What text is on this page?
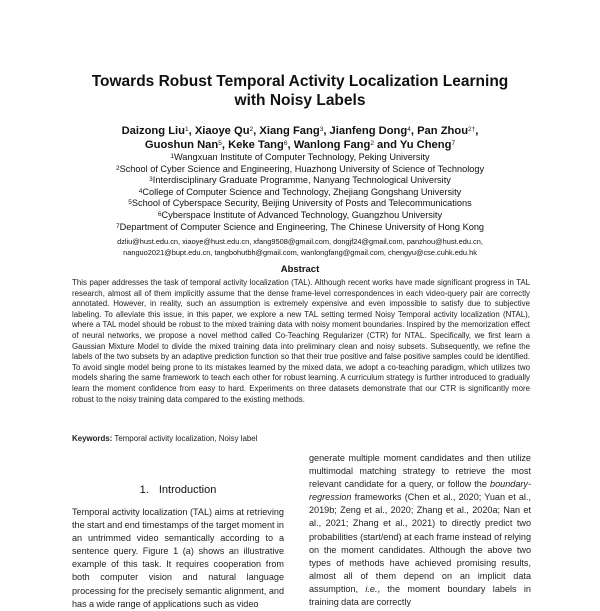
Towards Robust Temporal Activity Localization Learning
with Noisy Labels
Daizong Liu$^1$, Xiaoye Qu$^2$, Xiang Fang$^3$, Jianfeng Dong$^4$, Pan Zhou$^{2\dagger}$,
Guoshun Nan$^5$, Keke Tang$^6$, Wanlong Fang$^2$ and Yu Cheng$^7$
$^1$Wangxuan Institute of Computer Technology, Peking University
$^2$School of Cyber Science and Engineering, Huazhong University of Science of Technology
$^3$Interdisciplinary Graduate Programme, Nanyang Technological University
$^4$College of Computer Science and Technology, Zhejiang Gongshang University
$^5$School of Cyberspace Security, Beijing University of Posts and Telecommunications
$^6$Cyberspace Institute of Advanced Technology, Guangzhou University
$^7$Department of Computer Science and Engineering, The Chinese University of Hong Kong
dzliu@hust.edu.cn, xiaoye@hust.edu.cn, xfang9508@gmail.com, dongjf24@gmail.com, panzhou@hust.edu.cn,
nanguo2021@bupt.edu.cn, tangbohutbh@gmail.com, wanlongfang@gmail.com, chengyu@cse.cuhk.edu.hk
Abstract
This paper addresses the task of temporal activity localization (TAL). Although recent works have made significant progress in TAL research, almost all of them implicitly assume that the dense frame-level correspondences in each video-query pair are correctly annotated. However, in reality, such an assumption is extremely expensive and even impossible to satisfy due to subjective labeling. To alleviate this issue, in this paper, we explore a new TAL setting termed Noisy Temporal activity localization (NTAL), where a TAL model should be robust to the mixed training data with noisy moment boundaries. Inspired by the memorization effect of neural networks, we propose a novel method called Co-Teaching Regularizer (CTR) for NTAL. Specifically, we first learn a Gaussian Mixture Model to divide the mixed training data into preliminary clean and noisy subsets. Subsequently, we refine the labels of the two subsets by an adaptive prediction function so that their true positive and false positive samples could be identified. To avoid single model being prone to its mistakes learned by the mixed data, we adopt a co-teaching paradigm, which utilizes two models sharing the same framework to teach each other for robust learning. A curriculum strategy is further introduced to gradually learn the moment confidence from easy to hard. Experiments on three datasets demonstrate that our CTR is significantly more robust to the noisy training data compared to the existing methods.
Keywords: Temporal activity localization, Noisy label
1. Introduction
Temporal activity localization (TAL) aims at retrieving the start and end timestamps of the target moment in an untrimmed video semantically according to a sentence query. Figure 1 (a) shows an illustrative example of this task. It requires cooperation from both computer vision and natural language processing for the precisely semantic alignment, and has a wide range of applications such as video
generate multiple moment candidates and then utilize multimodal matching strategy to retrieve the most relevant candidate for a query, or follow the boundary-regression frameworks (Chen et al., 2020; Yuan et al., 2019b; Zeng et al., 2020; Zhang et al., 2020a; Nan et al., 2021; Zhang et al., 2021) to directly predict two probabilities (start/end) at each frame instead of relying on the moment candidates. Although the above two types of methods have achieved promising results, almost all of them depend on an implicit data assumption, i.e., the moment boundary labels in training data are correctly
